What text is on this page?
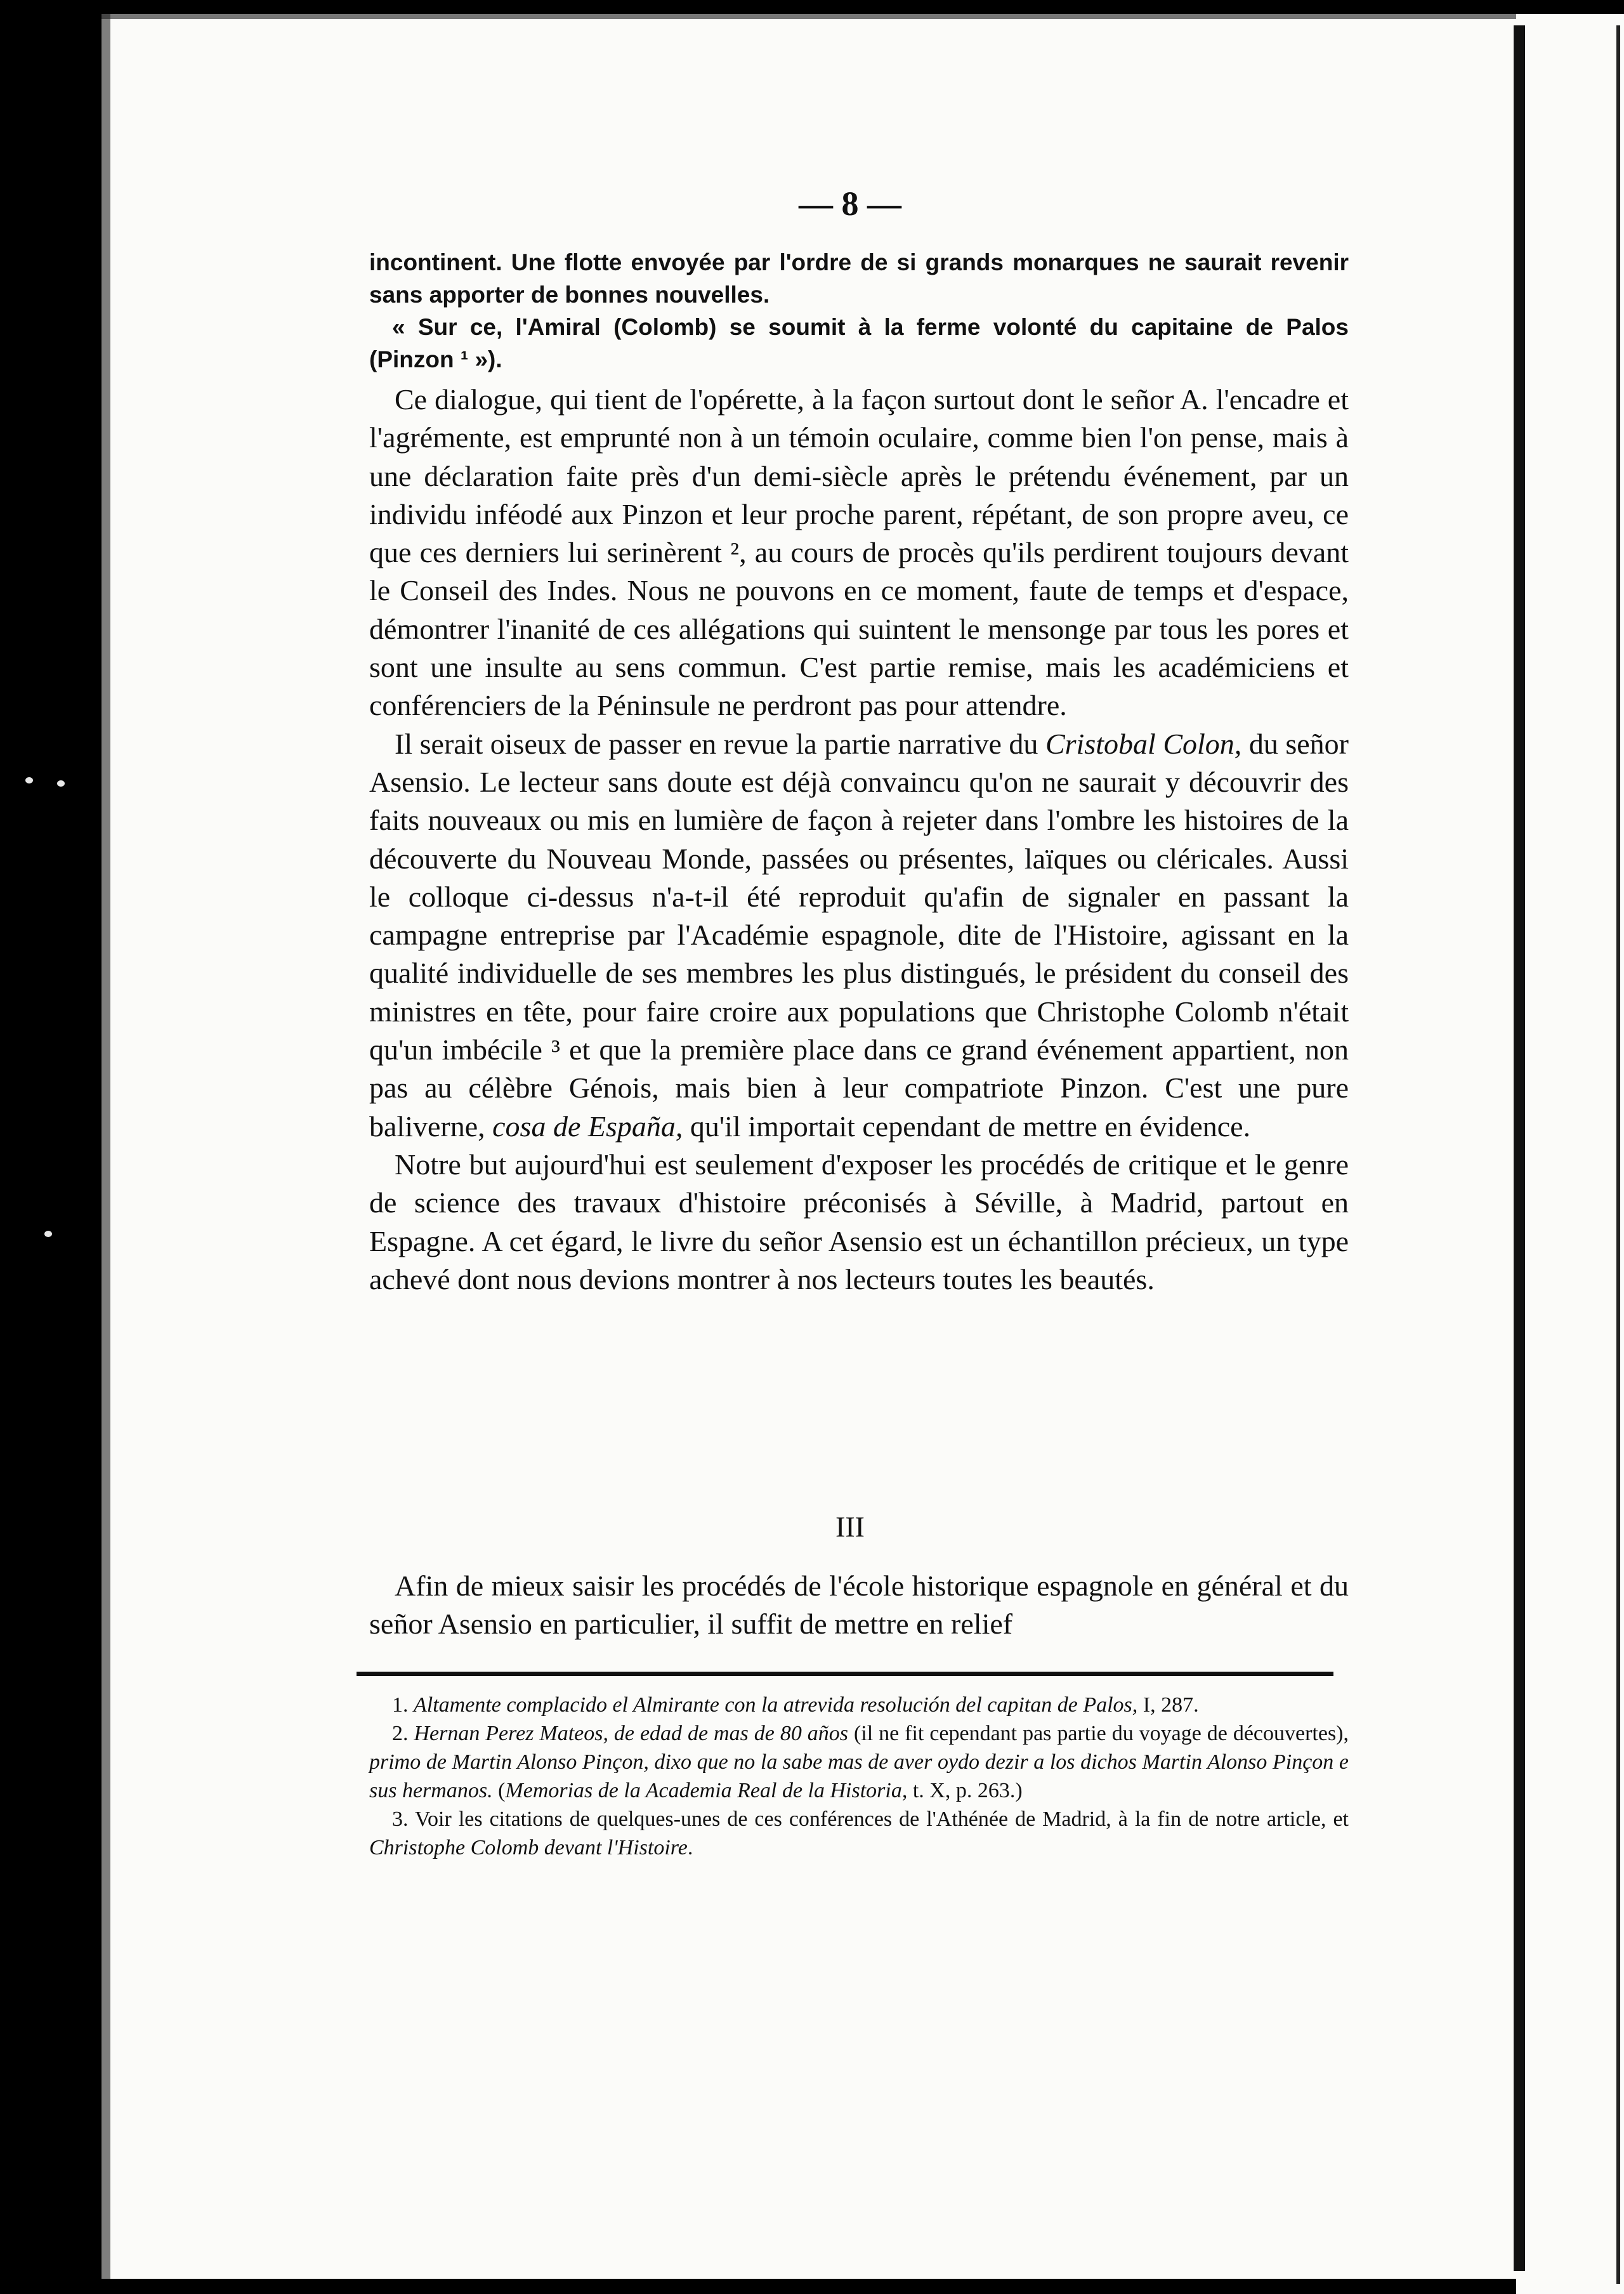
— 8 —

incontinent. Une flotte envoyée par l'ordre de si grands monarques ne saurait revenir sans apporter de bonnes nouvelles.

« Sur ce, l'Amiral (Colomb) se soumit à la ferme volonté du capitaine de Palos (Pinzon ¹ »).

Ce dialogue, qui tient de l'opérette, à la façon surtout dont le señor A. l'encadre et l'agrémente, est emprunté non à un témoin oculaire, comme bien l'on pense, mais à une déclaration faite près d'un demi-siècle après le prétendu événement, par un individu inféodé aux Pinzon et leur proche parent, répétant, de son propre aveu, ce que ces derniers lui serinèrent ², au cours de procès qu'ils perdirent toujours devant le Conseil des Indes. Nous ne pouvons en ce moment, faute de temps et d'espace, démontrer l'inanité de ces allégations qui suintent le mensonge par tous les pores et sont une insulte au sens commun. C'est partie remise, mais les académiciens et conférenciers de la Péninsule ne perdront pas pour attendre.

Il serait oiseux de passer en revue la partie narrative du Cristobal Colon, du señor Asensio. Le lecteur sans doute est déjà convaincu qu'on ne saurait y découvrir des faits nouveaux ou mis en lumière de façon à rejeter dans l'ombre les histoires de la découverte du Nouveau Monde, passées ou présentes, laïques ou cléricales. Aussi le colloque ci-dessus n'a-t-il été reproduit qu'afin de signaler en passant la campagne entreprise par l'Académie espagnole, dite de l'Histoire, agissant en la qualité individuelle de ses membres les plus distingués, le président du conseil des ministres en tête, pour faire croire aux populations que Christophe Colomb n'était qu'un imbécile ³ et que la première place dans ce grand événement appartient, non pas au célèbre Génois, mais bien à leur compatriote Pinzon. C'est une pure baliverne, cosa de España, qu'il importait cependant de mettre en évidence.

Notre but aujourd'hui est seulement d'exposer les procédés de critique et le genre de science des travaux d'histoire préconisés à Séville, à Madrid, partout en Espagne. A cet égard, le livre du señor Asensio est un échantillon précieux, un type achevé dont nous devions montrer à nos lecteurs toutes les beautés.

III

Afin de mieux saisir les procédés de l'école historique espagnole en général et du señor Asensio en particulier, il suffit de mettre en relief

1. Altamente complacido el Almirante con la atrevida resolución del capitan de Palos, I, 287.

2. Hernan Perez Mateos, de edad de mas de 80 años (il ne fit cependant pas partie du voyage de découvertes), primo de Martin Alonso Pinçon, dixo que no la sabe mas de aver oydo dezir a los dichos Martin Alonso Pinçon e sus hermanos. (Memorias de la Academia Real de la Historia, t. X, p. 263.)

3. Voir les citations de quelques-unes de ces conférences de l'Athénée de Madrid, à la fin de notre article, et Christophe Colomb devant l'Histoire.
